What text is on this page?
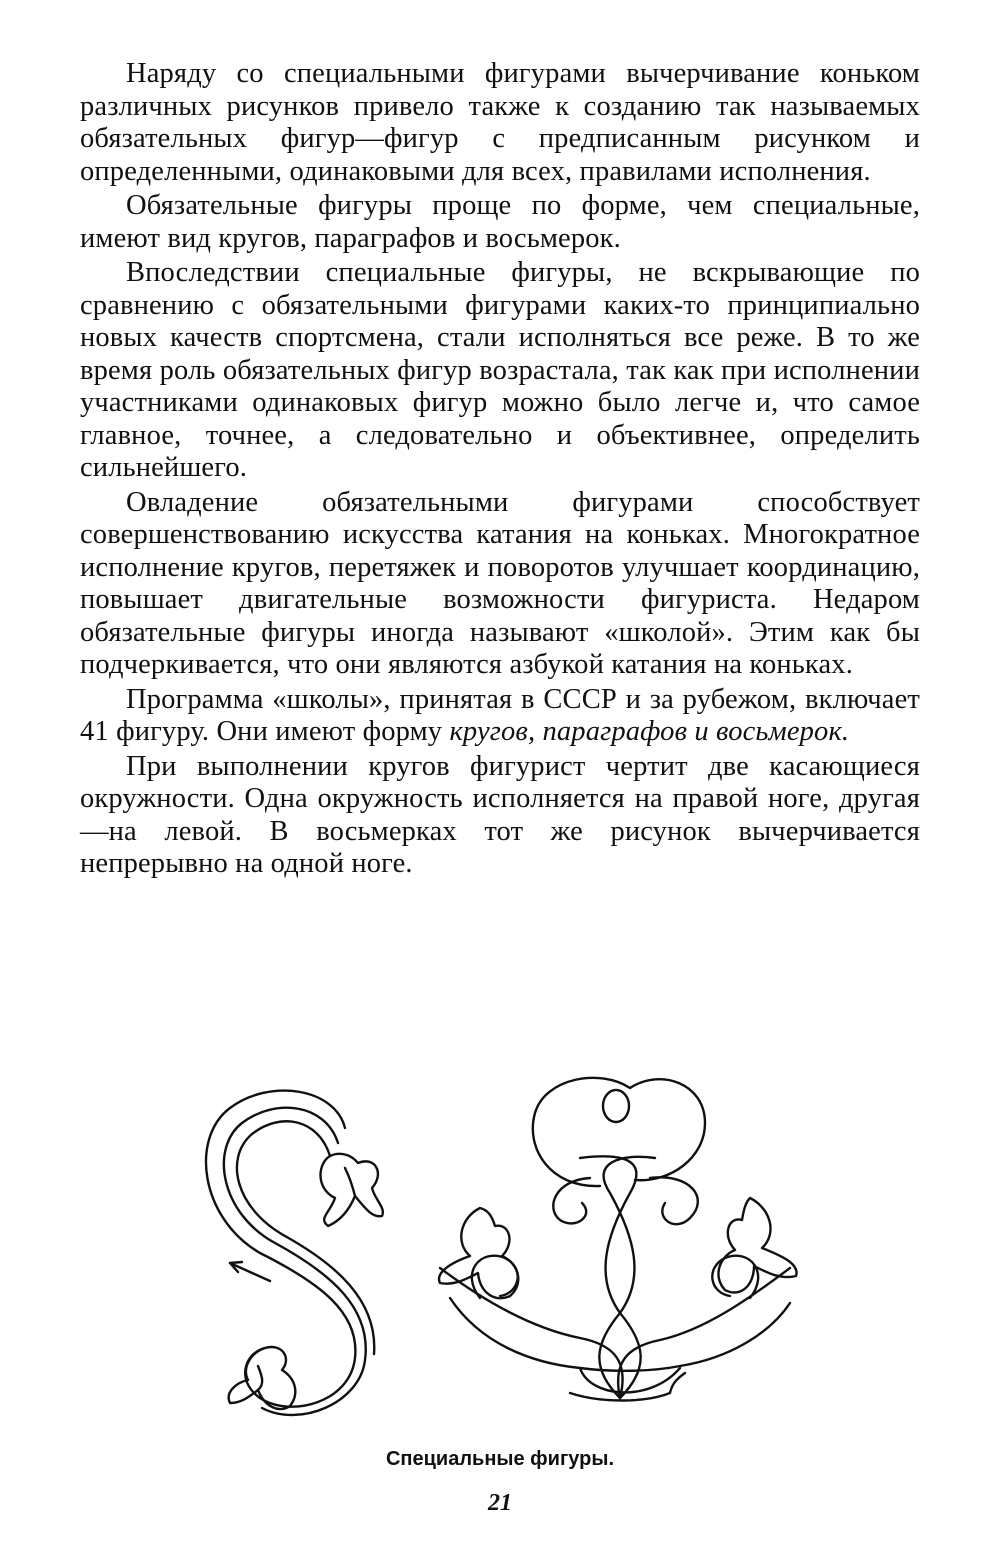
Наряду со специальными фигурами вычерчивание коньком различных рисунков привело также к созданию так называемых обязательных фигур—фигур с предписанным рисунком и определенными, одинаковыми для всех, правилами исполнения.

Обязательные фигуры проще по форме, чем специальные, имеют вид кругов, параграфов и восьмерок.

Впоследствии специальные фигуры, не вскрывающие по сравнению с обязательными фигурами каких-то принципиально новых качеств спортсмена, стали исполняться все реже. В то же время роль обязательных фигур возрастала, так как при исполнении участниками одинаковых фигур можно было легче и, что самое главное, точнее, а следовательно и объективнее, определить сильнейшего.

Овладение обязательными фигурами способствует совершенствованию искусства катания на коньках. Многократное исполнение кругов, перетяжек и поворотов улучшает координацию, повышает двигательные возможности фигуриста. Недаром обязательные фигуры иногда называют «школой». Этим как бы подчеркивается, что они являются азбукой катания на коньках.

Программа «школы», принятая в СССР и за рубежом, включает 41 фигуру. Они имеют форму кругов, параграфов и восьмерок.

При выполнении кругов фигурист чертит две касающиеся окружности. Одна окружность исполняется на правой ноге, другая—на левой. В восьмерках тот же рисунок вычерчивается непрерывно на одной ноге.

Специальные фигуры.
21
